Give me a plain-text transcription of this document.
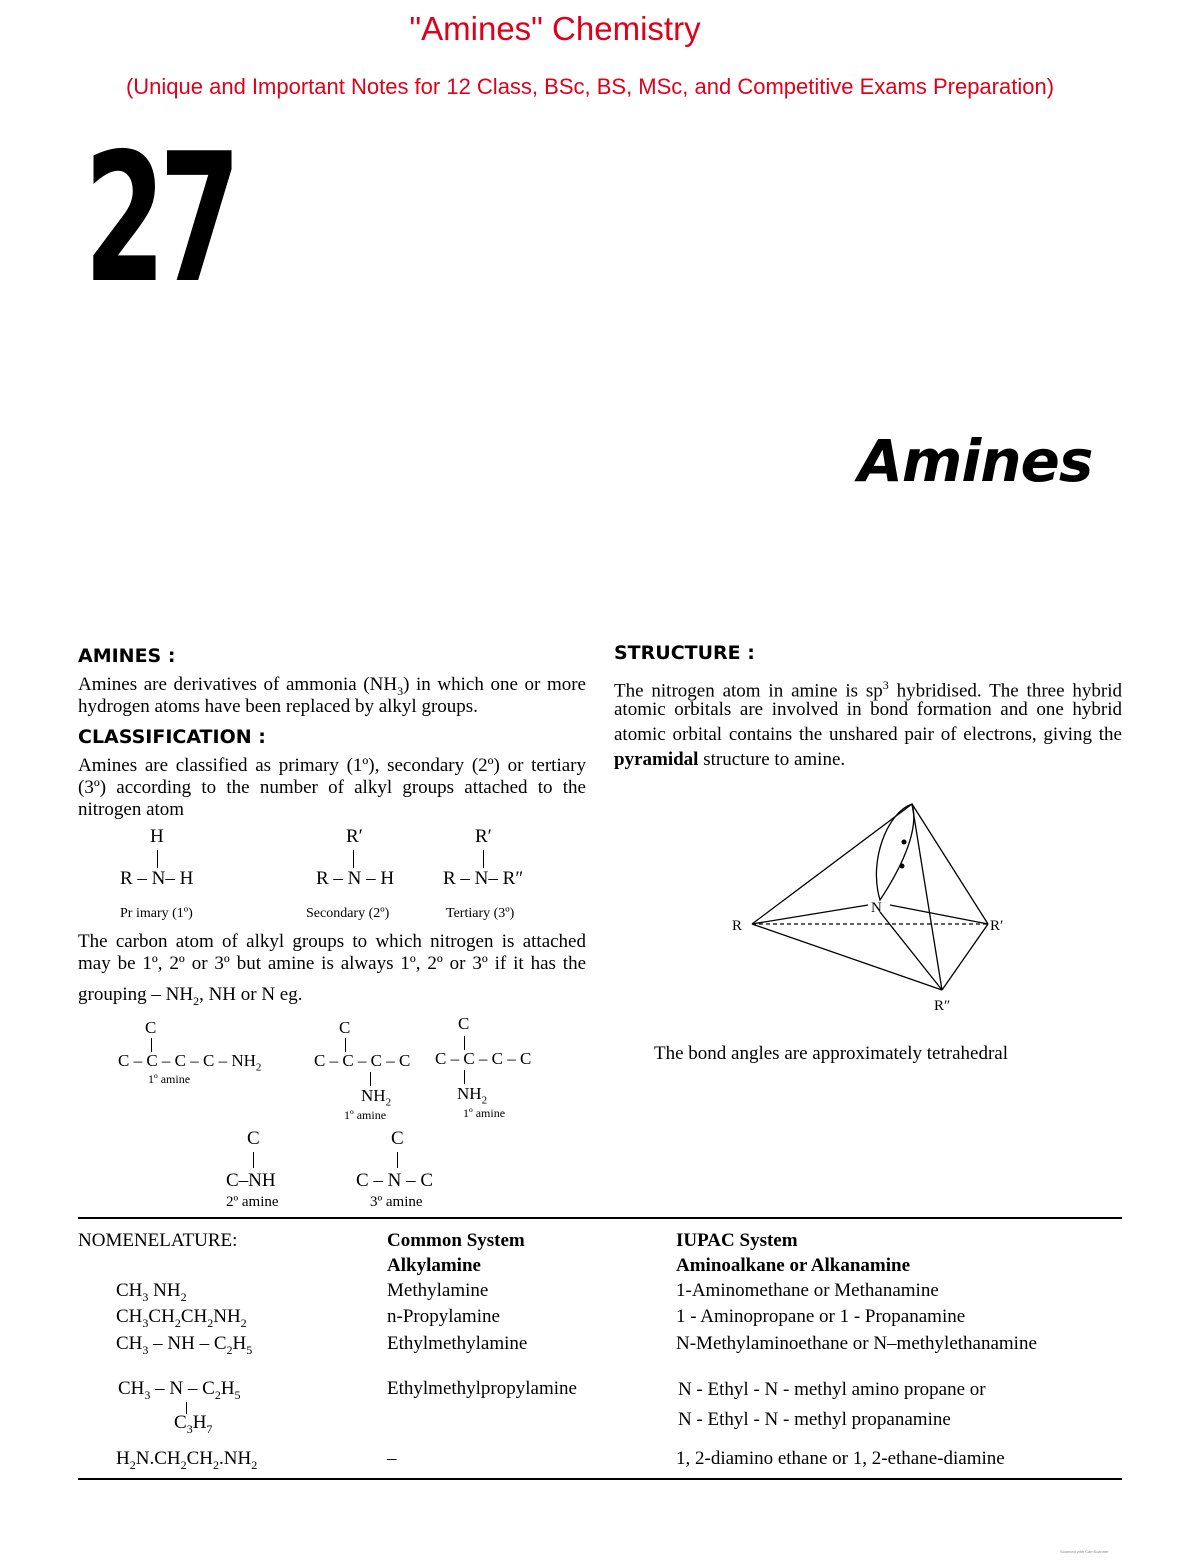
"Amines" Chemistry
(Unique and Important Notes for 12 Class, BSc, BS, MSc, and Competitive Exams Preparation)
27
Amines
AMINES :
Amines are derivatives of ammonia $(NH_3)$ in which one or more
hydrogen atoms have been replaced by alkyl groups.
CLASSIFICATION :
Amines are classified as primary (1º), secondary (2º) or tertiary
(3º) according to the number of alkyl groups attached to the
nitrogen atom
H
R – N– H
Pr imary (1º)
R′
R – N – H
Secondary (2º)
R′
R – N– R″
Tertiary (3º)
The carbon atom of alkyl groups to which nitrogen is attached
may be 1º, 2º or 3º but amine is always 1º, 2º or 3º if it has the
grouping – $NH_2$, NH or N eg.
C
C – C – C – C – $NH_2$
1º amine
C
C – C – C – C
$NH_2$
1º amine
C
C – C – C – C
$NH_2$
1º amine
C
C–NH
2º amine
C
C – N – C
3º amine
STRUCTURE :
The nitrogen atom in amine is $sp^3$ hybridised. The three hybrid
atomic orbitals are involved in bond formation and one hybrid
atomic orbital contains the unshared pair of electrons, giving the
pyramidal structure to amine.
N
R	R′
R″
The bond angles are approximately tetrahedral
NOMENELATURE:	Common System
Alkylamine
IUPAC System
Aminoalkane or Alkanamine
$CH_3$ $NH_2$
$CH_3CH_2CH_2NH_2$
$CH_3$ – NH – $C_2H_5$
$CH_3$ – N – $C_2H_5$
$C_3H_7$
$H_2N.CH_2CH_2.NH_2$
Methylamine
n-Propylamine
Ethylmethylamine
Ethylmethylpropylamine
–
1-Aminomethane or Methanamine
1 - Aminopropane or 1 - Propanamine
N-Methylaminoethane or N–methylethanamine
N - Ethyl - N - methyl amino propane or
N - Ethyl - N - methyl propanamine
1, 2-diamino ethane or 1, 2-ethane-diamine
Scanned with CamScanner
